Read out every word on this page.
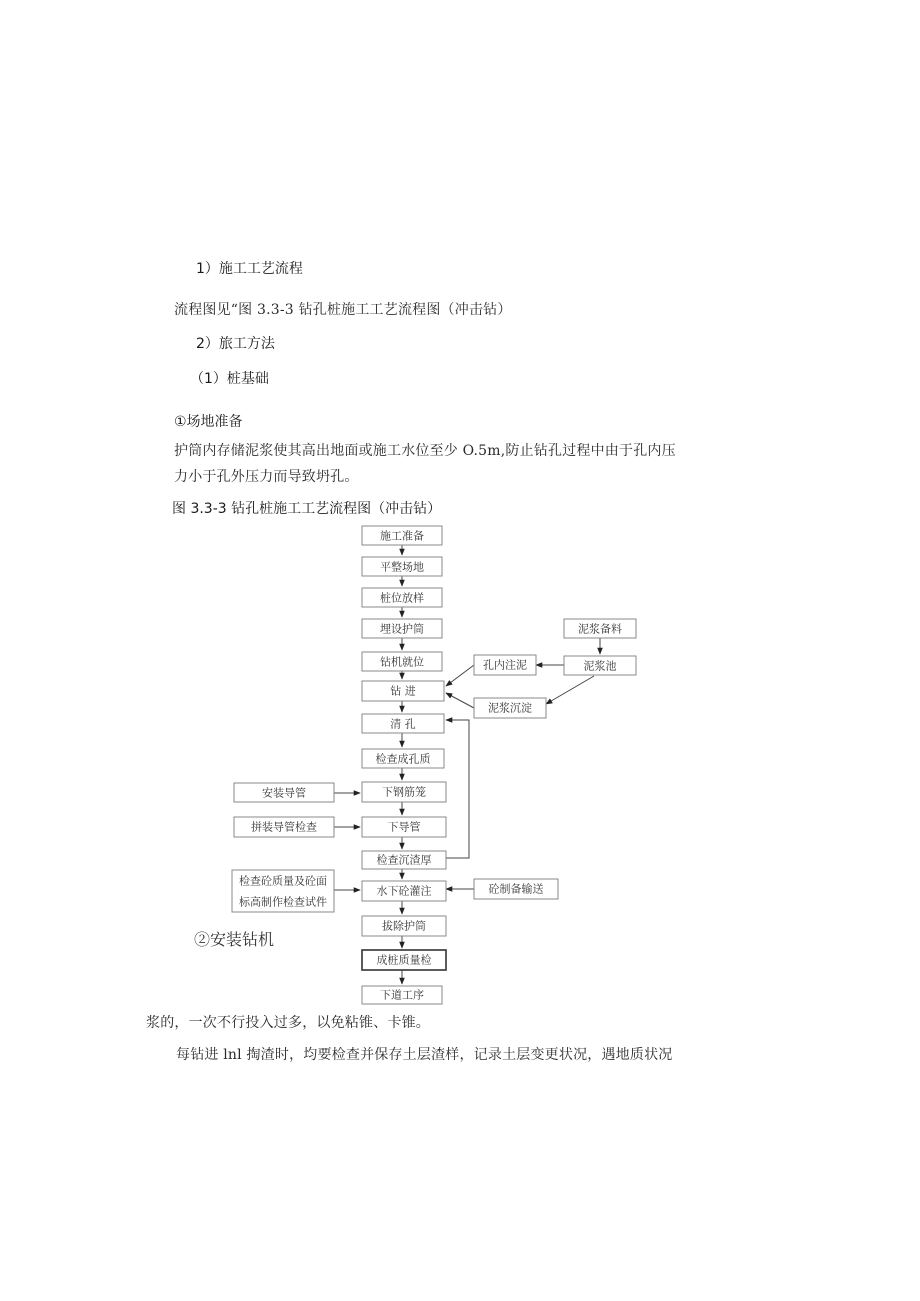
1）施工工艺流程
流程图见“图 3.3-3 钻孔桩施工工艺流程图（冲击钻）
2）旅工方法
（1）桩基础
①场地准备
护筒内存储泥浆使其高出地面或施工水位至少 O.5m,防止钻孔过程中由于孔内压
力小于孔外压力而导致坍孔。
图 3.3-3 钻孔桩施工工艺流程图（冲击钻）
施工准备
平整场地
桩位放样
埋设护筒
钻机就位
钻 进
清 孔
检查成孔质
下钢筋笼
下导管
检查沉渣厚
水下砼灌注
拔除护筒
成桩质量检
下道工序
泥浆备料
泥浆池
孔内注泥
泥浆沉淀
砼制备输送
安装导管
拼装导管检查
检查砼质量及砼面
标高制作检查试件
②安装钻机
浆的，一次不行投入过多，以免粘锥、卡锥。
每钻进 lnl 掏渣时，均要检查并保存土层渣样，记录土层变更状况，遇地质状况
